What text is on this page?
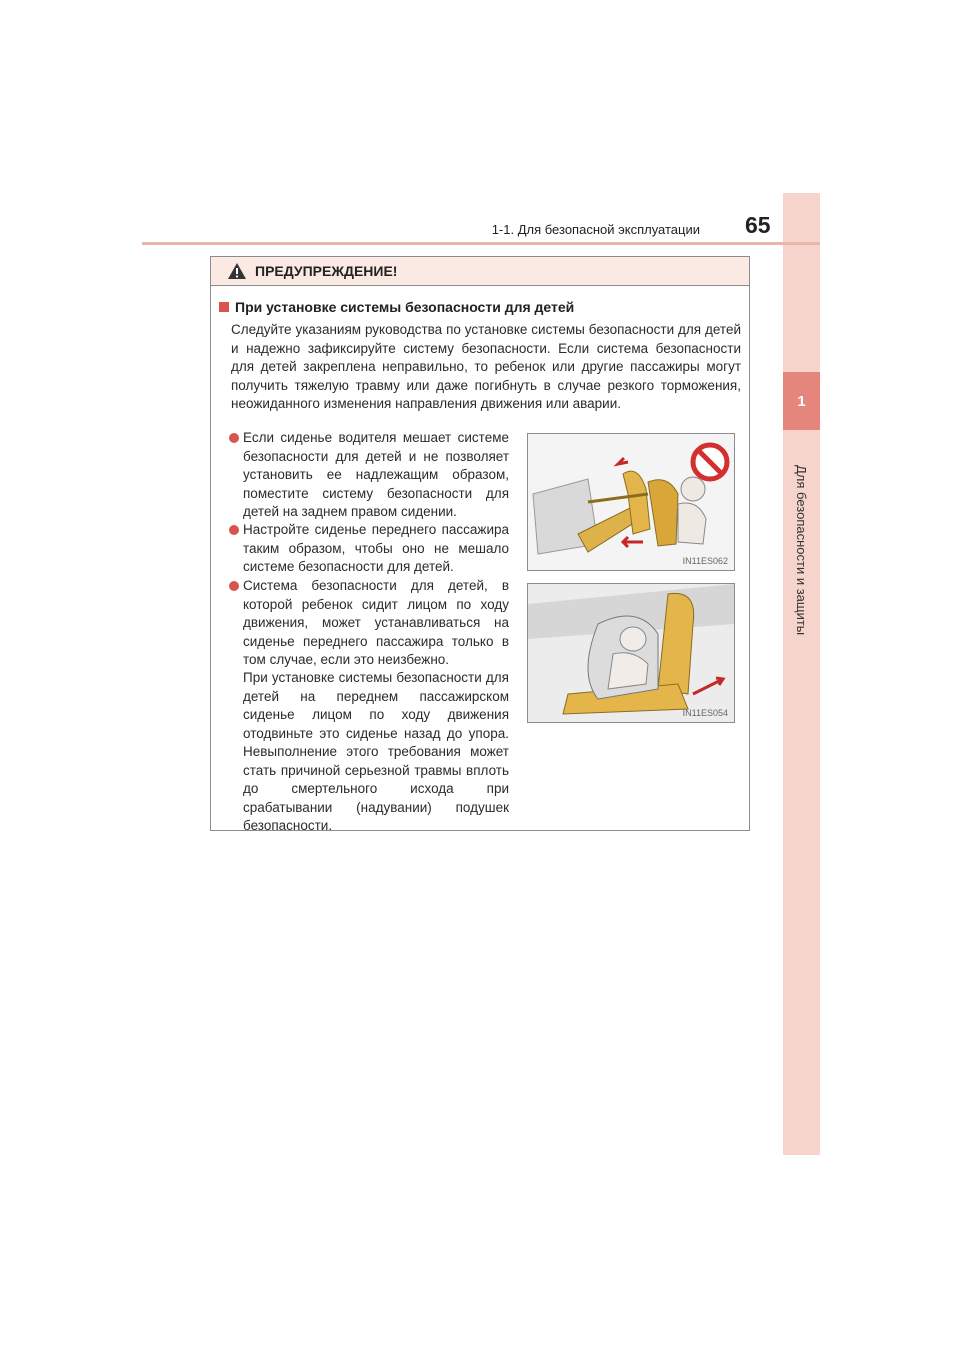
1
Для безопасности и защиты
1-1. Для безопасной эксплуатации 65
ПРЕДУПРЕЖДЕНИЕ!
При установке системы безопасности для детей

Следуйте указаниям руководства по установке системы безопасности для детей и надежно зафиксируйте систему безопасности. Если система безопасности для детей закреплена неправильно, то ребенок или другие пассажиры могут получить тяжелую травму или даже погибнуть в случае резкого торможения, неожиданного изменения направления движения или аварии.

Если сиденье водителя мешает системе безопасности для детей и не позволяет установить ее надлежащим образом, поместите систему безопасности для детей на заднем правом сидении.
Настройте сиденье переднего пассажира таким образом, чтобы оно не мешало системе безопасности для детей.
Система безопасности для детей, в которой ребенок сидит лицом по ходу движения, может устанавливаться на сиденье переднего пассажира только в том случае, если это неизбежно.

При установке системы безопасности для детей на переднем пассажирском сиденье лицом по ходу движения отодвиньте это сиденье назад до упора. Невыполнение этого требования может стать причиной серьезной травмы вплоть до смертельного исхода при срабатывании (надувании) подушек безопасности.

IN11ES062
IN11ES054
